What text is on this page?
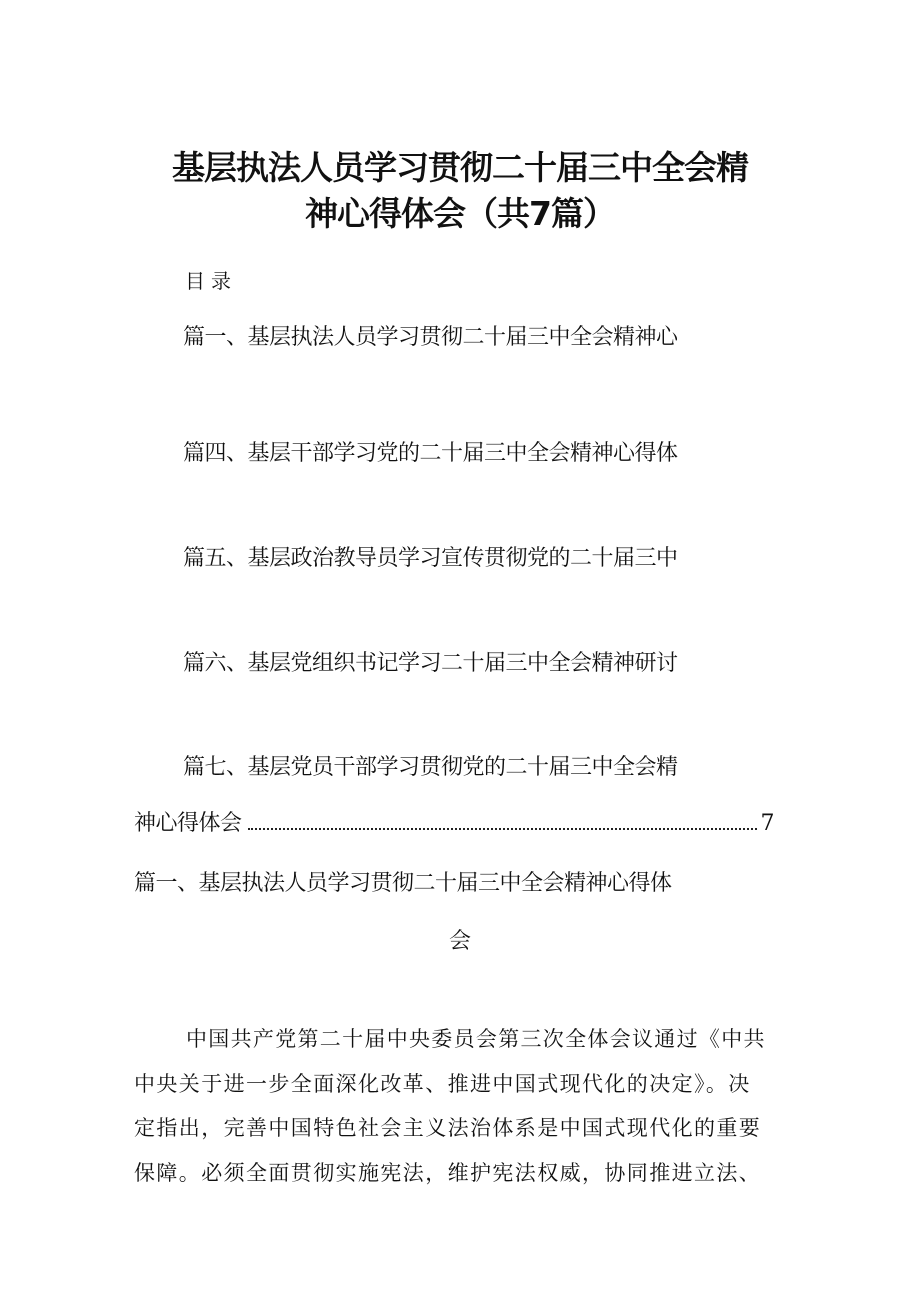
基层执法人员学习贯彻二十届三中全会精
神心得体会（共7篇）
目录
篇一、基层执法人员学习贯彻二十届三中全会精神心
篇四、基层干部学习党的二十届三中全会精神心得体
篇五、基层政治教导员学习宣传贯彻党的二十届三中
篇六、基层党组织书记学习二十届三中全会精神研讨
篇七、基层党员干部学习贯彻党的二十届三中全会精
神心得体会	7
篇一、基层执法人员学习贯彻二十届三中全会精神心得体
会
中国共产党第二十届中央委员会第三次全体会议通过《中共
中央关于进一步全面深化改革、推进中国式现代化的决定》。决
定指出，完善中国特色社会主义法治体系是中国式现代化的重要
保障。必须全面贯彻实施宪法，维护宪法权威，协同推进立法、
